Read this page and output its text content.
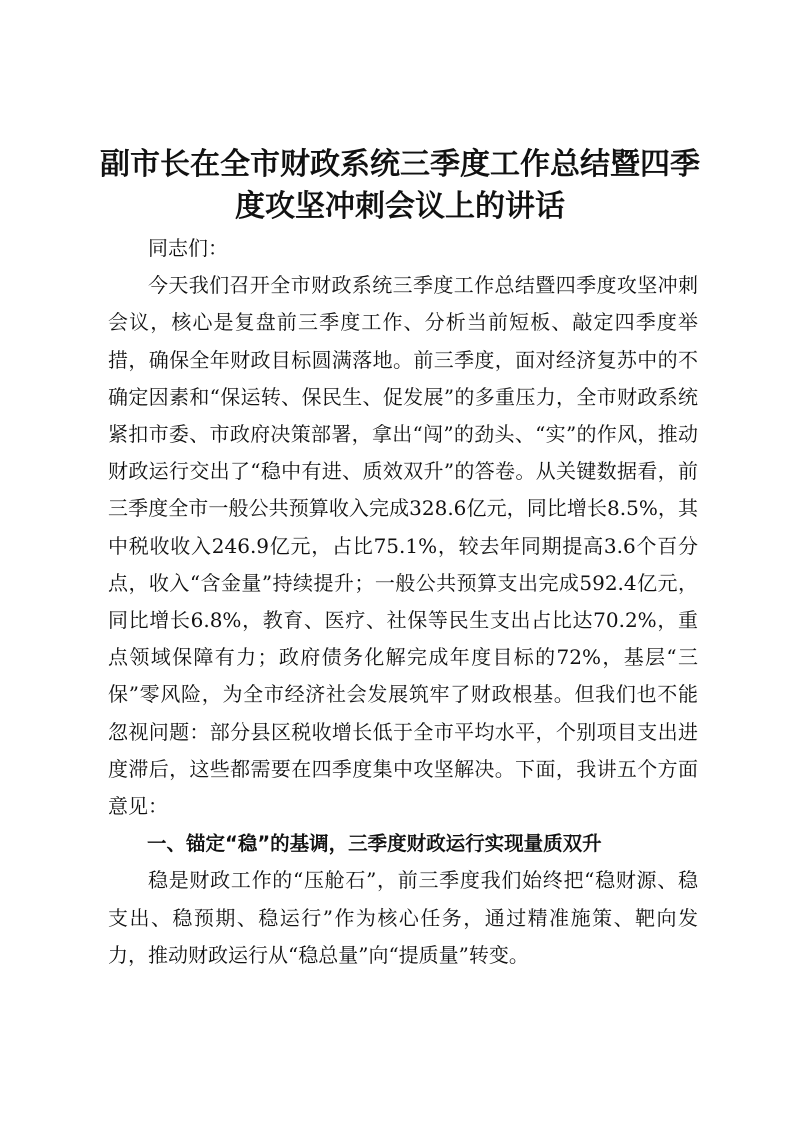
副市长在全市财政系统三季度工作总结暨四季
度攻坚冲刺会议上的讲话

同志们：

今天我们召开全市财政系统三季度工作总结暨四季度攻坚冲刺会议，核心是复盘前三季度工作、分析当前短板、敲定四季度举措，确保全年财政目标圆满落地。前三季度，面对经济复苏中的不确定因素和“保运转、保民生、促发展”的多重压力，全市财政系统紧扣市委、市政府决策部署，拿出“闯”的劲头、“实”的作风，推动财政运行交出了“稳中有进、质效双升”的答卷。从关键数据看，前三季度全市一般公共预算收入完成328.6亿元，同比增长8.5%，其中税收收入246.9亿元，占比75.1%，较去年同期提高3.6个百分点，收入“含金量”持续提升；一般公共预算支出完成592.4亿元，同比增长6.8%，教育、医疗、社保等民生支出占比达70.2%，重点领域保障有力；政府债务化解完成年度目标的72%，基层“三保”零风险，为全市经济社会发展筑牢了财政根基。但我们也不能忽视问题：部分县区税收增长低于全市平均水平，个别项目支出进度滞后，这些都需要在四季度集中攻坚解决。下面，我讲五个方面意见：

一、锚定“稳”的基调，三季度财政运行实现量质双升

稳是财政工作的“压舱石”，前三季度我们始终把“稳财源、稳支出、稳预期、稳运行”作为核心任务，通过精准施策、靶向发力，推动财政运行从“稳总量”向“提质量”转变。
